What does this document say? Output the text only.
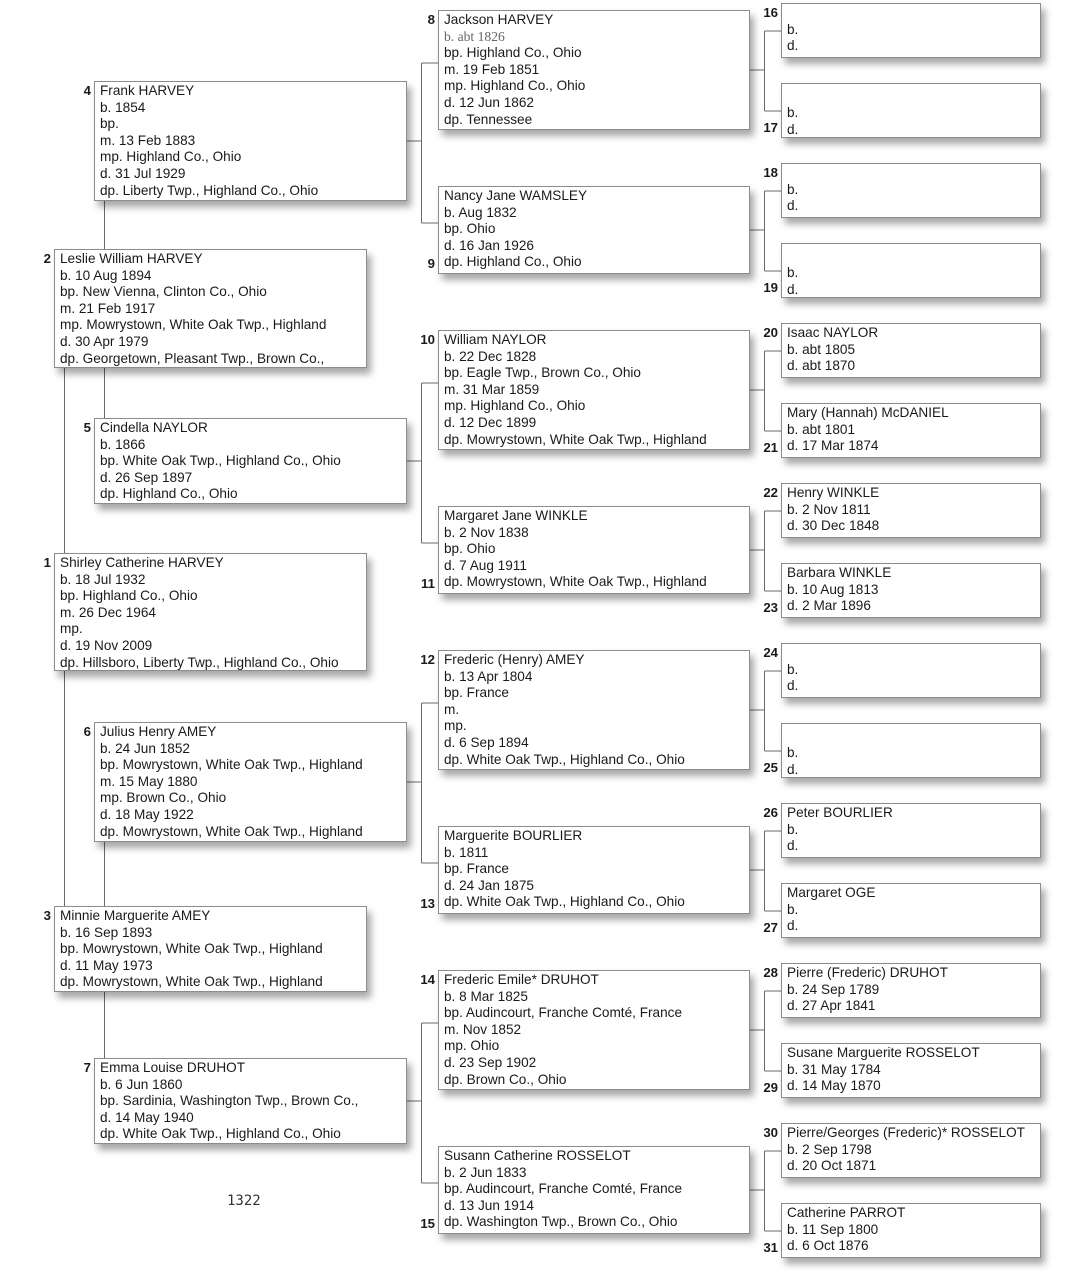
Shirley Catherine HARVEY
b. 18 Jul 1932
bp. Highland Co., Ohio
m. 26 Dec 1964
mp.
d. 19 Nov 2009
dp. Hillsboro, Liberty Twp., Highland Co., Ohio
1
Leslie William HARVEY
b. 10 Aug 1894
bp. New Vienna, Clinton Co., Ohio
m. 21 Feb 1917
mp. Mowrystown, White Oak Twp., Highland
d. 30 Apr 1979
dp. Georgetown, Pleasant Twp., Brown Co.,
2
Minnie Marguerite AMEY
b. 16 Sep 1893
bp. Mowrystown, White Oak Twp., Highland
d. 11 May 1973
dp. Mowrystown, White Oak Twp., Highland
3
Frank HARVEY
b. 1854
bp.
m. 13 Feb 1883
mp. Highland Co., Ohio
d. 31 Jul 1929
dp. Liberty Twp., Highland Co., Ohio
4
Cindella NAYLOR
b. 1866
bp. White Oak Twp., Highland Co., Ohio
d. 26 Sep 1897
dp. Highland Co., Ohio
5
Julius Henry AMEY
b. 24 Jun 1852
bp. Mowrystown, White Oak Twp., Highland
m. 15 May 1880
mp. Brown Co., Ohio
d. 18 May 1922
dp. Mowrystown, White Oak Twp., Highland
6
Emma Louise DRUHOT
b. 6 Jun 1860
bp. Sardinia, Washington Twp., Brown Co.,
d. 14 May 1940
dp. White Oak Twp., Highland Co., Ohio
7
Jackson HARVEY
b. abt 1826
bp. Highland Co., Ohio
m. 19 Feb 1851
mp. Highland Co., Ohio
d. 12 Jun 1862
dp. Tennessee
8
Nancy Jane WAMSLEY
b. Aug 1832
bp. Ohio
d. 16 Jan 1926
dp. Highland Co., Ohio
9
William NAYLOR
b. 22 Dec 1828
bp. Eagle Twp., Brown Co., Ohio
m. 31 Mar 1859
mp. Highland Co., Ohio
d. 12 Dec 1899
dp. Mowrystown, White Oak Twp., Highland
10
Margaret Jane WINKLE
b. 2 Nov 1838
bp. Ohio
d. 7 Aug 1911
dp. Mowrystown, White Oak Twp., Highland
11
Frederic (Henry) AMEY
b. 13 Apr 1804
bp. France
m.
mp.
d. 6 Sep 1894
dp. White Oak Twp., Highland Co., Ohio
12
Marguerite BOURLIER
b. 1811
bp. France
d. 24 Jan 1875
dp. White Oak Twp., Highland Co., Ohio
13
Frederic Emile* DRUHOT
b. 8 Mar 1825
bp. Audincourt, Franche Comté, France
m. Nov 1852
mp. Ohio
d. 23 Sep 1902
dp. Brown Co., Ohio
14
Susann Catherine ROSSELOT
b. 2 Jun 1833
bp. Audincourt, Franche Comté, France
d. 13 Jun 1914
dp. Washington Twp., Brown Co., Ohio
15
b.
d.
16
b.
d.
17
b.
d.
18
b.
d.
19
Isaac NAYLOR
b. abt 1805
d. abt 1870
20
Mary (Hannah) McDANIEL
b. abt 1801
d. 17 Mar 1874
21
Henry WINKLE
b. 2 Nov 1811
d. 30 Dec 1848
22
Barbara WINKLE
b. 10 Aug 1813
d. 2 Mar 1896
23
b.
d.
24
b.
d.
25
Peter BOURLIER
b.
d.
26
Margaret OGE
b.
d.
27
Pierre (Frederic) DRUHOT
b. 24 Sep 1789
d. 27 Apr 1841
28
Susane Marguerite ROSSELOT
b. 31 May 1784
d. 14 May 1870
29
Pierre/Georges (Frederic)* ROSSELOT
b. 2 Sep 1798
d. 20 Oct 1871
30
Catherine PARROT
b. 11 Sep 1800
d. 6 Oct 1876
31
1322
